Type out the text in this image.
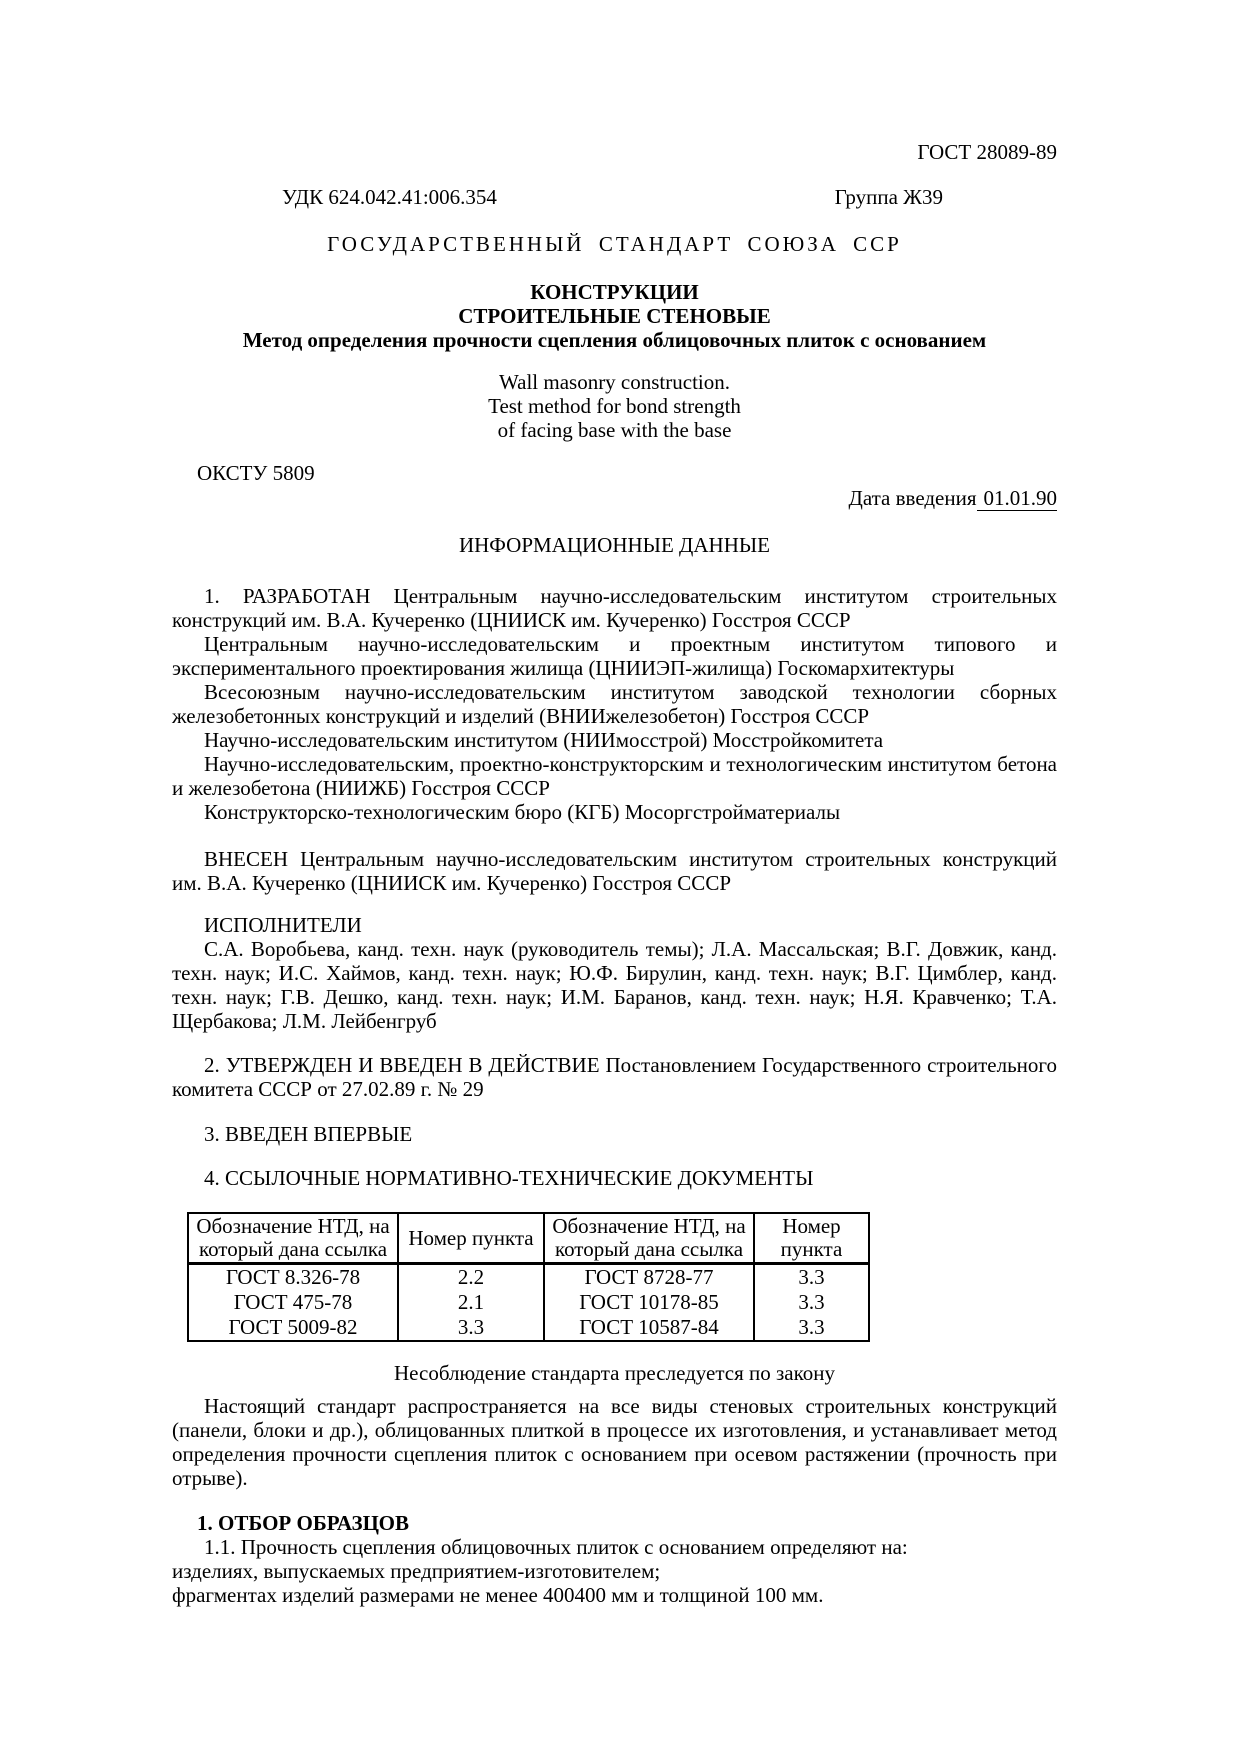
ГОСТ 28089-89
УДК 624.042.41:006.354	Группа Ж39
ГОСУДАРСТВЕННЫЙ СТАНДАРТ СОЮЗА ССР
КОНСТРУКЦИИ
СТРОИТЕЛЬНЫЕ СТЕНОВЫЕ
Метод определения прочности сцепления облицовочных плиток с основанием
Wall masonry construction.
Test method for bond strength
of facing base with the base
ОКСТУ 5809
Дата введения 01.01.90
ИНФОРМАЦИОННЫЕ ДАННЫЕ

1. РАЗРАБОТАН Центральным научно-исследовательским институтом строительных конструкций им. В.А. Кучеренко (ЦНИИСК им. Кучеренко) Госстроя СССР

Центральным научно-исследовательским и проектным институтом типового и экспериментального проектирования жилища (ЦНИИЭП-жилища) Госкомархитектуры

Всесоюзным научно-исследовательским институтом заводской технологии сборных железобетонных конструкций и изделий (ВНИИжелезобетон) Госстроя СССР

Научно-исследовательским институтом (НИИмосстрой) Мосстройкомитета

Научно-исследовательским, проектно-конструкторским и технологическим институтом бетона и железобетона (НИИЖБ) Госстроя СССР

Конструкторско-технологическим бюро (КГБ) Мосоргстройматериалы

ВНЕСЕН Центральным научно-исследовательским институтом строительных конструкций им. В.А. Кучеренко (ЦНИИСК им. Кучеренко) Госстроя СССР

ИСПОЛНИТЕЛИ

С.А. Воробьева, канд. техн. наук (руководитель темы); Л.А. Массальская; В.Г. Довжик, канд. техн. наук; И.С. Хаймов, канд. техн. наук; Ю.Ф. Бирулин, канд. техн. наук; В.Г. Цимблер, канд. техн. наук; Г.В. Дешко, канд. техн. наук; И.М. Баранов, канд. техн. наук; Н.Я. Кравченко; Т.А. Щербакова; Л.М. Лейбенгруб

2. УТВЕРЖДЕН И ВВЕДЕН В ДЕЙСТВИЕ Постановлением Государственного строительного комитета СССР от 27.02.89 г. № 29

3. ВВЕДЕН ВПЕРВЫЕ

4. ССЫЛОЧНЫЕ НОРМАТИВНО-ТЕХНИЧЕСКИЕ ДОКУМЕНТЫ

Обозначение НТД, на который дана ссылка	Номер пункта	Обозначение НТД, на который дана ссылка	Номер пункта
ГОСТ 8.326-78	2.2	ГОСТ 8728-77	3.3
ГОСТ 475-78	2.1	ГОСТ 10178-85	3.3
ГОСТ 5009-82	3.3	ГОСТ 10587-84	3.3
Несоблюдение стандарта преследуется по закону

Настоящий стандарт распространяется на все виды стеновых строительных конструкций (панели, блоки и др.), облицованных плиткой в процессе их изготовления, и устанавливает метод определения прочности сцепления плиток с основанием при осевом растяжении (прочность при отрыве).

1. ОТБОР ОБРАЗЦОВ

1.1. Прочность сцепления облицовочных плиток с основанием определяют на:

изделиях, выпускаемых предприятием-изготовителем;

фрагментах изделий размерами не менее 400400 мм и толщиной 100 мм.
